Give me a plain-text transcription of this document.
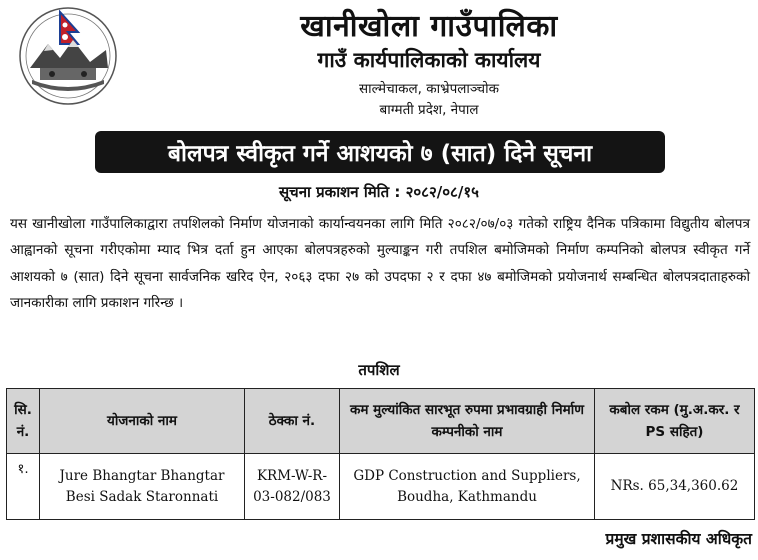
खानीखोला गाउँपालिका
गाउँ कार्यपालिकाको कार्यालय
साल्मेचाकल, काभ्रेपलाञ्चोक
बाग्मती प्रदेश, नेपाल
बोलपत्र स्वीकृत गर्ने आशयको ७ (सात) दिने सूचना
सूचना प्रकाशन मिति : २०८२/०८/१५

यस खानीखोला गाउँपालिकाद्वारा तपशिलको निर्माण योजनाको कार्यान्वयनका लागि मिति २०८२/०७/०३ गतेको राष्ट्रिय दैनिक पत्रिकामा विद्युतीय बोलपत्र आह्वानको सूचना गरीएकोमा म्याद भित्र दर्ता हुन आएका बोलपत्रहरुको मुल्याङ्कन गरी तपशिल बमोजिमको निर्माण कम्पनिको बोलपत्र स्वीकृत गर्ने आशयको ७ (सात) दिने सूचना सार्वजनिक खरिद ऐन, २०६३ दफा २७ को उपदफा २ र दफा ४७ बमोजिमको प्रयोजनार्थ सम्बन्धित बोलपत्रदाताहरुको जानकारीका लागि प्रकाशन गरिन्छ ।

तपशिल
सि. नं.	योजनाको नाम	ठेक्का नं.	कम मुल्यांकित सारभूत रुपमा प्रभावग्राही निर्माण कम्पनीको नाम	कबोल रकम (मु.अ.कर. र PS सहित)
१.	Jure Bhangtar Bhangtar Besi Sadak Staronnati	KRM-W-R-03-082/083	GDP Construction and Suppliers, Boudha, Kathmandu	NRs. 65,34,360.62
प्रमुख प्रशासकीय अधिकृत
